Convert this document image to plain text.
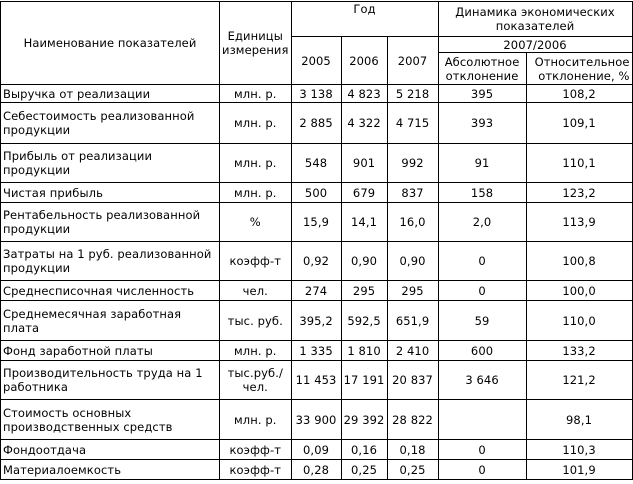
Наименование показателей	Единицы измерения	Год			Динамика экономических показателей	
		2005	2006	2007	2007/2006	
					Абсолютное отклонение	Относительное отклонение, %
Выручка от реализации	млн. р.	3 138	4 823	5 218	395	108,2
Себестоимость реализованной продукции	млн. р.	2 885	4 322	4 715	393	109,1
Прибыль от реализации продукции	млн. р.	548	901	992	91	110,1
Чистая прибыль	млн. р.	500	679	837	158	123,2
Рентабельность реализованной продукции	%	15,9	14,1	16,0	2,0	113,9
Затраты на 1 руб. реализованной продукции	коэфф-т	0,92	0,90	0,90	0	100,8
Среднесписочная численность	чел.	274	295	295	0	100,0
Среднемесячная заработная плата	тыс. руб.	395,2	592,5	651,9	59	110,0
Фонд заработной платы	млн. р.	1 335	1 810	2 410	600	133,2
Производительность труда на 1 работника	тыс.руб./чел.	11 453	17 191	20 837	3 646	121,2
Стоимость основных производственных средств	млн. р.	33 900	29 392	28 822		98,1
Фондоотдача	коэфф-т	0,09	0,16	0,18	0	110,3
Материалоемкость	коэфф-т	0,28	0,25	0,25	0	101,9
